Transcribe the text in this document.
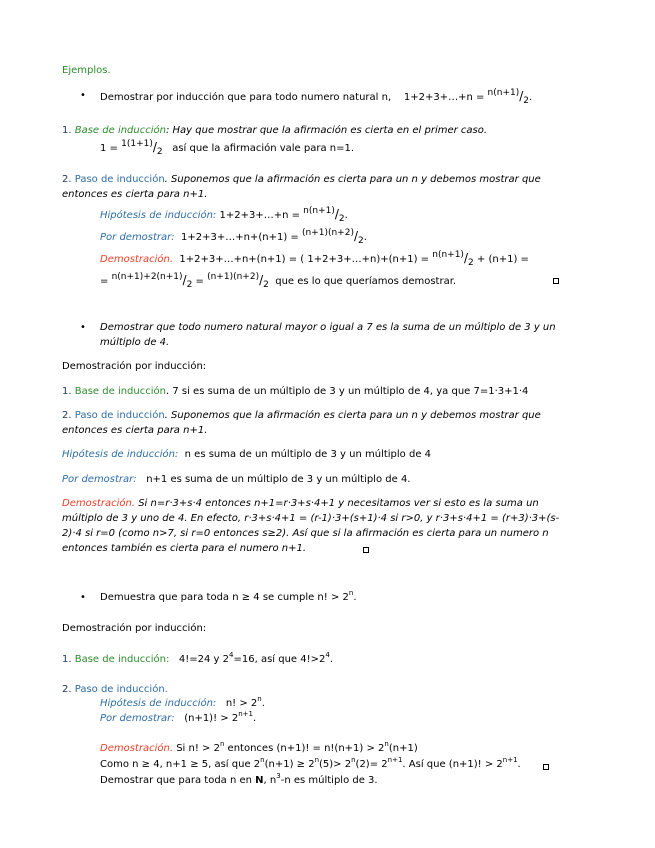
Ejemplos.
• Demostrar por inducción que para todo numero natural n, 1+2+3+…+n = n(n+1)/2.
1. Base de inducción: Hay que mostrar que la afirmación es cierta en el primer caso.
1 = 1(1+1)/2 así que la afirmación vale para n=1.
2. Paso de inducción. Suponemos que la afirmación es cierta para un n y debemos mostrar que
entonces es cierta para n+1.
Hipótesis de inducción: 1+2+3+…+n = n(n+1)/2.
Por demostrar: 1+2+3+…+n+(n+1) = (n+1)(n+2)/2.
Demostración. 1+2+3+…+n+(n+1) = ( 1+2+3+…+n)+(n+1) = n(n+1)/2 + (n+1) =
= n(n+1)+2(n+1)/2 = (n+1)(n+2)/2 que es lo que queríamos demostrar.
• Demostrar que todo numero natural mayor o igual a 7 es la suma de un múltiplo de 3 y un
múltiplo de 4.
Demostración por inducción:
1. Base de inducción. 7 si es suma de un múltiplo de 3 y un múltiplo de 4, ya que 7=1·3+1·4
2. Paso de inducción. Suponemos que la afirmación es cierta para un n y debemos mostrar que
entonces es cierta para n+1.
Hipótesis de inducción: n es suma de un múltiplo de 3 y un múltiplo de 4
Por demostrar: n+1 es suma de un múltiplo de 3 y un múltiplo de 4.
Demostración. Si n=r·3+s·4 entonces n+1=r·3+s·4+1 y necesitamos ver si esto es la suma un
múltiplo de 3 y uno de 4. En efecto, r·3+s·4+1 = (r-1)·3+(s+1)·4 si r>0, y r·3+s·4+1 = (r+3)·3+(s-
2)·4 si r=0 (como n>7, si r=0 entonces s≥2). Así que si la afirmación es cierta para un numero n
entonces también es cierta para el numero n+1.
• Demuestra que para toda n ≥ 4 se cumple n! > $2^n$.
Demostración por inducción:
1. Base de inducción: 4!=24 y $2^4=16$, así que $4!>2^4$.
2. Paso de inducción.
Hipótesis de inducción: n! > $2^n$.
Por demostrar: (n+1)! > $2^{n+1}$.
Demostración. Si n! > $2^n$ entonces (n+1)! = $n!(n+1) > 2^n(n+1)$
Como n ≥ 4, n+1 ≥ 5, así que $2^n(n+1) \ge 2^n(5)> 2^n(2)= 2^{n+1}$. Así que (n+1)! > $2^{n+1}$.
Demostrar que para toda n en N, $n^3-n$ es múltiplo de 3.
